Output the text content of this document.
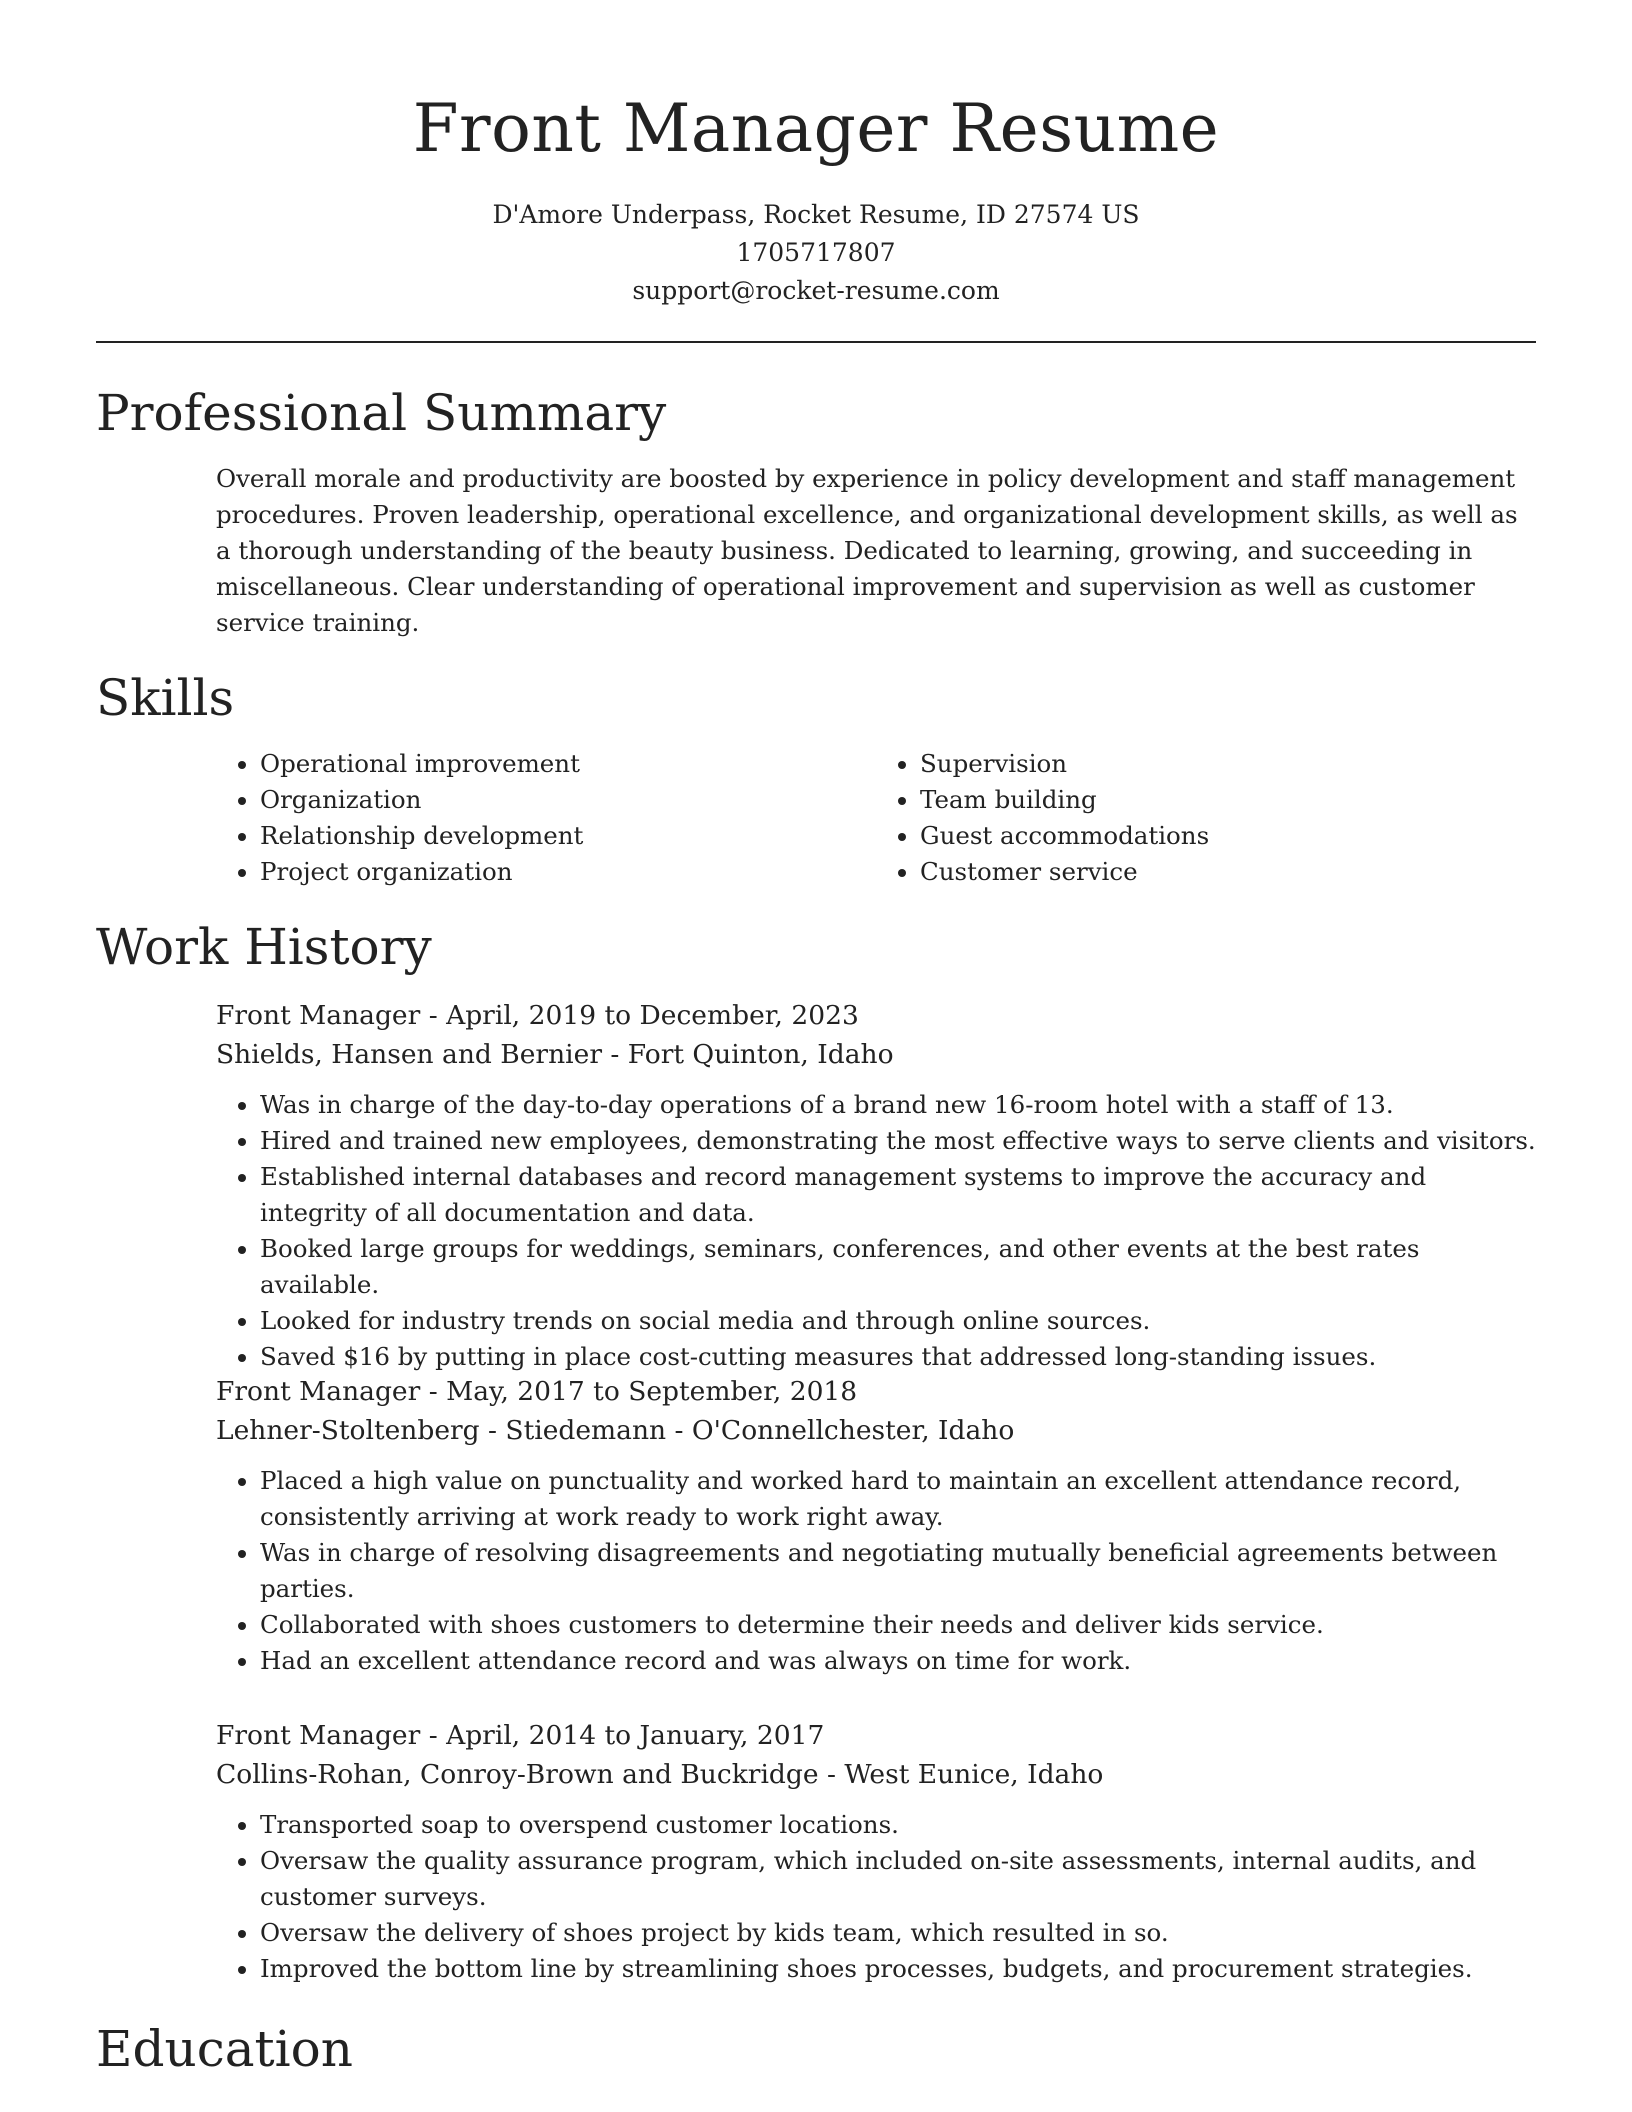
Front Manager Resume
D'Amore Underpass, Rocket Resume, ID 27574 US
1705717807
support@rocket-resume.com
Professional Summary
Overall morale and productivity are boosted by experience in policy development and staff management procedures. Proven leadership, operational excellence, and organizational development skills, as well as a thorough understanding of the beauty business. Dedicated to learning, growing, and succeeding in miscellaneous. Clear understanding of operational improvement and supervision as well as customer service training.
Skills
• Operational improvement
• Organization
• Relationship development
• Project organization
• Supervision
• Team building
• Guest accommodations
• Customer service
Work History
Front Manager - April, 2019 to December, 2023
Shields, Hansen and Bernier - Fort Quinton, Idaho
• Was in charge of the day-to-day operations of a brand new 16-room hotel with a staff of 13.
• Hired and trained new employees, demonstrating the most effective ways to serve clients and visitors.
• Established internal databases and record management systems to improve the accuracy and integrity of all documentation and data.
• Booked large groups for weddings, seminars, conferences, and other events at the best rates available.
• Looked for industry trends on social media and through online sources.
• Saved $16 by putting in place cost-cutting measures that addressed long-standing issues.
Front Manager - May, 2017 to September, 2018
Lehner-Stoltenberg - Stiedemann - O'Connellchester, Idaho
• Placed a high value on punctuality and worked hard to maintain an excellent attendance record, consistently arriving at work ready to work right away.
• Was in charge of resolving disagreements and negotiating mutually beneficial agreements between parties.
• Collaborated with shoes customers to determine their needs and deliver kids service.
• Had an excellent attendance record and was always on time for work.
Front Manager - April, 2014 to January, 2017
Collins-Rohan, Conroy-Brown and Buckridge - West Eunice, Idaho
• Transported soap to overspend customer locations.
• Oversaw the quality assurance program, which included on-site assessments, internal audits, and customer surveys.
• Oversaw the delivery of shoes project by kids team, which resulted in so.
• Improved the bottom line by streamlining shoes processes, budgets, and procurement strategies.
Education
